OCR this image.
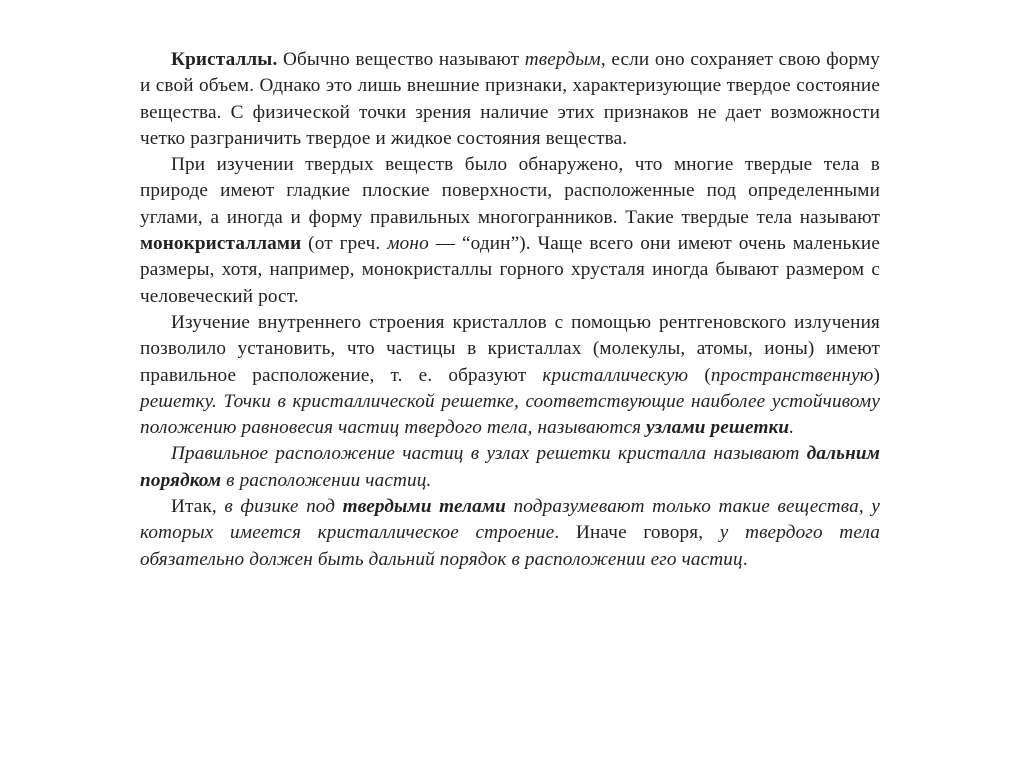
Кристаллы. Обычно вещество называют твердым, если оно сохраняет свою форму и свой объем. Однако это лишь внешние признаки, характеризующие твердое состояние вещества. С физической точки зрения наличие этих признаков не дает возможности четко разграничить твердое и жидкое состояния вещества.

При изучении твердых веществ было обнаружено, что многие твердые тела в природе имеют гладкие плоские поверхности, расположенные под определенными углами, а иногда и форму правильных многогранников. Такие твердые тела называют монокристаллами (от греч. моно — “один”). Чаще всего они имеют очень маленькие размеры, хотя, например, монокристаллы горного хрусталя иногда бывают размером с человеческий рост.

Изучение внутреннего строения кристаллов с помощью рентгеновского излучения позволило установить, что частицы в кристаллах (молекулы, атомы, ионы) имеют правильное расположение, т. е. образуют кристаллическую (пространственную) решетку. Точки в кристаллической решетке, соответствующие наиболее устойчивому положению равновесия частиц твердого тела, называются узлами решетки.

Правильное расположение частиц в узлах решетки кристалла называют дальним порядком в расположении частиц.

Итак, в физике под твердыми телами подразумевают только такие вещества, у которых имеется кристаллическое строение. Иначе говоря, у твердого тела обязательно должен быть дальний порядок в расположении его частиц.
